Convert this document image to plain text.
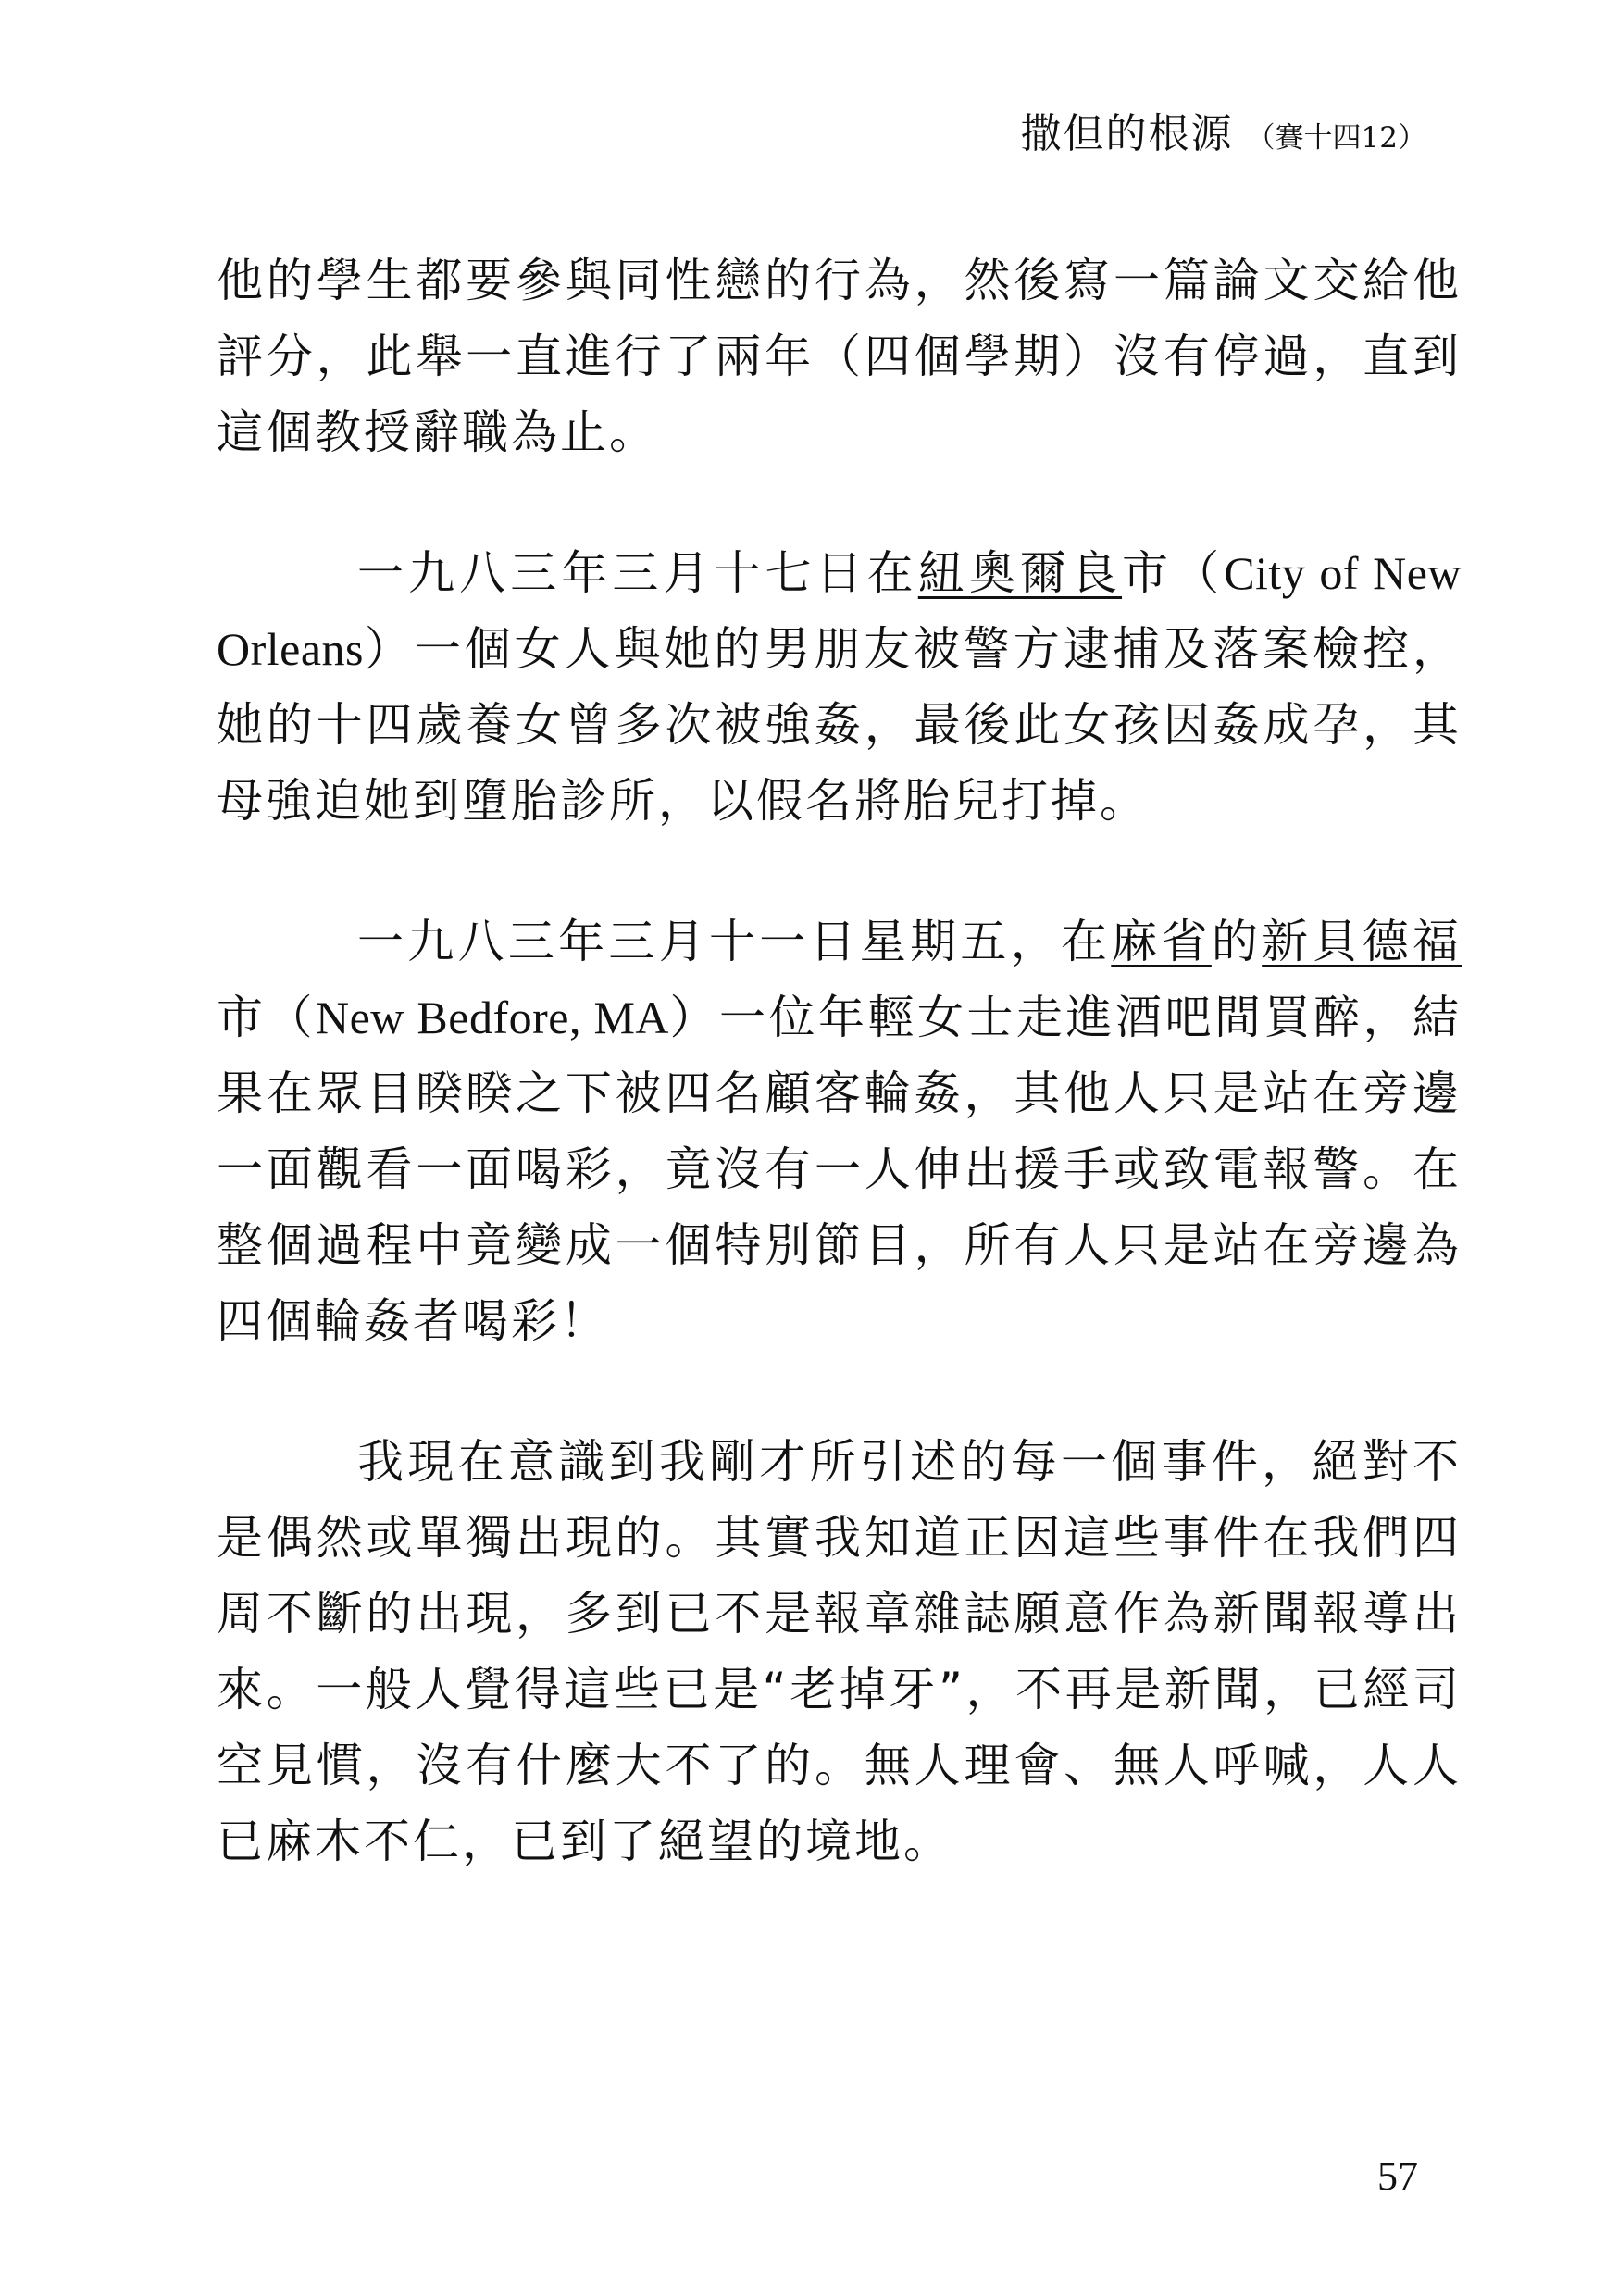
撒但的根源 （賽十四12）

他的學生都要參與同性戀的行為，然後寫一篇論文交給他評分，此舉一直進行了兩年（四個學期）沒有停過，直到這個教授辭職為止。

一九八三年三月十七日在紐奧爾良市（City of New Orleans）一個女人與她的男朋友被警方逮捕及落案檢控，她的十四歲養女曾多次被強姦，最後此女孩因姦成孕，其母強迫她到墮胎診所，以假名將胎兒打掉。

一九八三年三月十一日星期五，在麻省的新貝德福市（New Bedfore, MA）一位年輕女士走進酒吧間買醉，結果在眾目睽睽之下被四名顧客輪姦，其他人只是站在旁邊一面觀看一面喝彩，竟沒有一人伸出援手或致電報警。在整個過程中竟變成一個特別節目，所有人只是站在旁邊為四個輪姦者喝彩！

我現在意識到我剛才所引述的每一個事件，絕對不是偶然或單獨出現的。其實我知道正因這些事件在我們四周不斷的出現，多到已不是報章雜誌願意作為新聞報導出來。一般人覺得這些已是“老掉牙”，不再是新聞，已經司空見慣，沒有什麼大不了的。無人理會、無人呼喊，人人已麻木不仁，已到了絕望的境地。

57
